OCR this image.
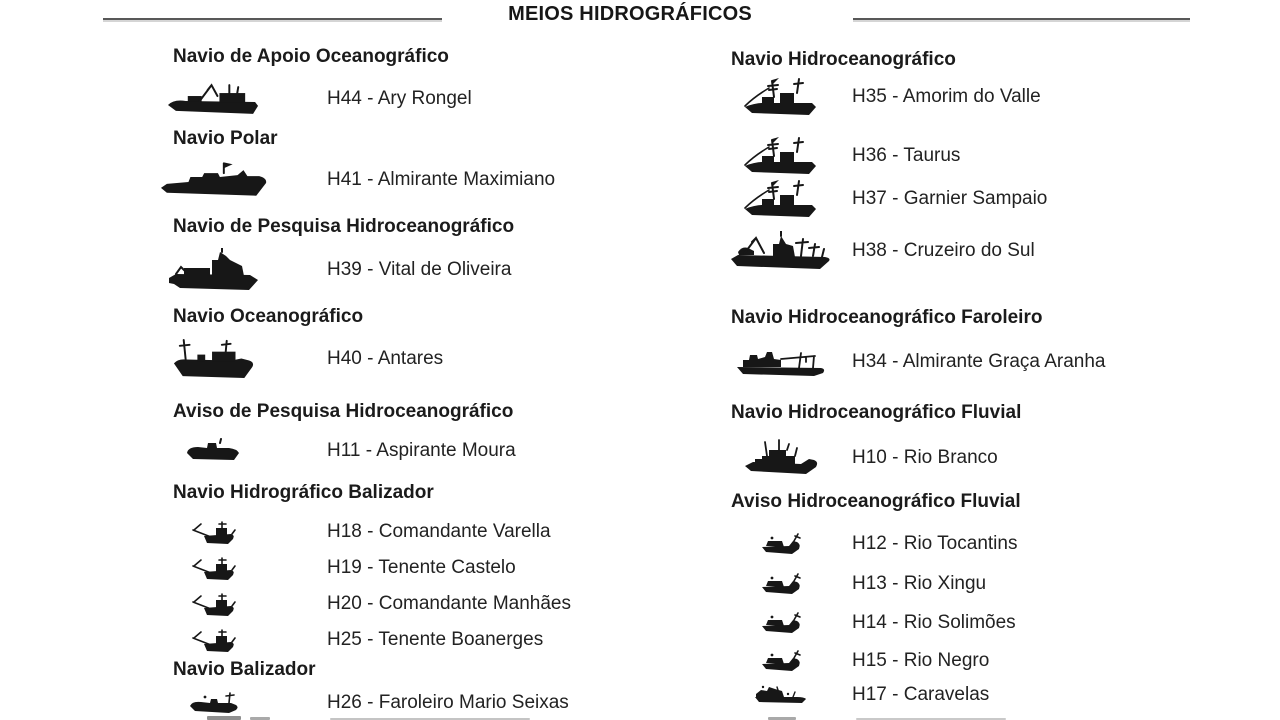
MEIOS HIDROGRÁFICOS
Navio de Apoio Oceanográfico
H44 - Ary Rongel
Navio Polar
H41 - Almirante Maximiano
Navio de Pesquisa Hidroceanográfico
H39 - Vital de Oliveira
Navio Oceanográfico
H40 - Antares
Aviso de Pesquisa Hidroceanográfico
H11 - Aspirante Moura
Navio Hidrográfico Balizador
H18 - Comandante Varella
H19 - Tenente Castelo
H20 - Comandante Manhães
H25 - Tenente Boanerges
Navio Balizador
H26 - Faroleiro Mario Seixas
Navio Hidroceanográfico
H35 - Amorim do Valle
H36 - Taurus
H37 - Garnier Sampaio
H38 - Cruzeiro do Sul
Navio Hidroceanográfico Faroleiro
H34 - Almirante Graça Aranha
Navio Hidroceanográfico Fluvial
H10 - Rio Branco
Aviso Hidroceanográfico Fluvial
H12 - Rio Tocantins
H13 - Rio Xingu
H14 - Rio Solimões
H15 - Rio Negro
H17 - Caravelas
